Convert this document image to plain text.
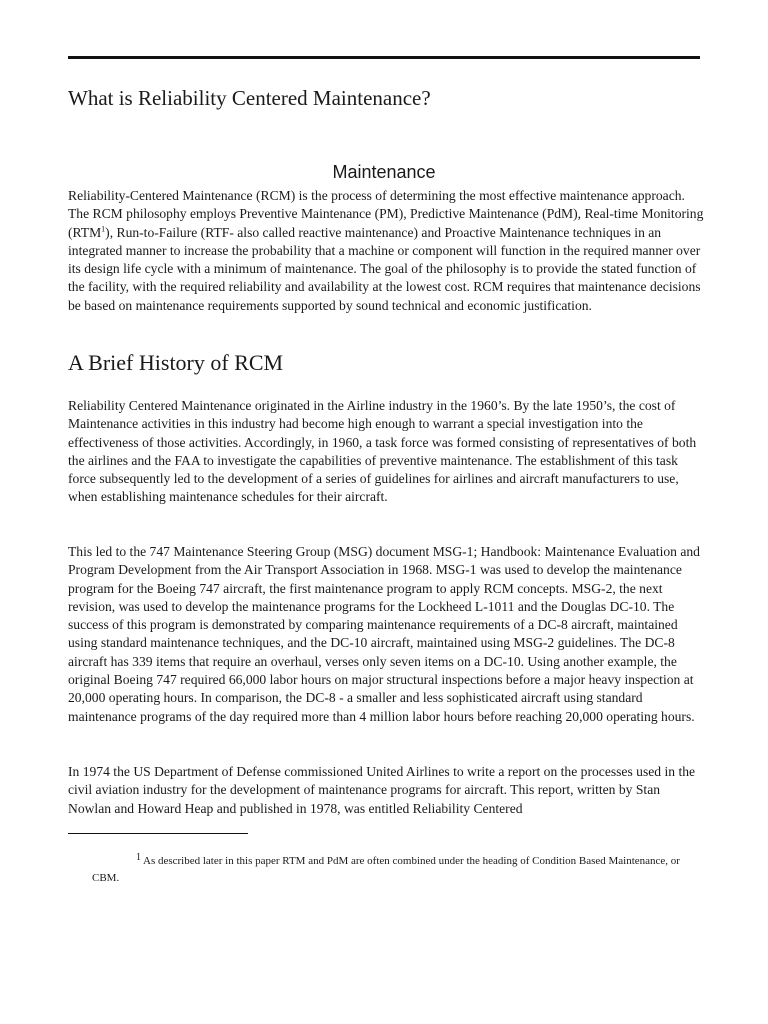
What is Reliability Centered Maintenance?
Maintenance
Reliability-Centered Maintenance (RCM) is the process of determining the most effective maintenance approach. The RCM philosophy employs Preventive Maintenance (PM), Predictive Maintenance (PdM), Real-time Monitoring (RTM$^1$), Run-to-Failure (RTF- also called reactive maintenance) and Proactive Maintenance techniques in an integrated manner to increase the probability that a machine or component will function in the required manner over its design life cycle with a minimum of maintenance. The goal of the philosophy is to provide the stated function of the facility, with the required reliability and availability at the lowest cost. RCM requires that maintenance decisions be based on maintenance requirements supported by sound technical and economic justification.
A Brief History of RCM
Reliability Centered Maintenance originated in the Airline industry in the 1960’s. By the late 1950’s, the cost of Maintenance activities in this industry had become high enough to warrant a special investigation into the effectiveness of those activities. Accordingly, in 1960, a task force was formed consisting of representatives of both the airlines and the FAA to investigate the capabilities of preventive maintenance. The establishment of this task force subsequently led to the development of a series of guidelines for airlines and aircraft manufacturers to use, when establishing maintenance schedules for their aircraft.
This led to the 747 Maintenance Steering Group (MSG) document MSG-1; Handbook: Maintenance Evaluation and Program Development from the Air Transport Association in 1968. MSG-1 was used to develop the maintenance program for the Boeing 747 aircraft, the first maintenance program to apply RCM concepts. MSG-2, the next revision, was used to develop the maintenance programs for the Lockheed L-1011 and the Douglas DC-10. The success of this program is demonstrated by comparing maintenance requirements of a DC-8 aircraft, maintained using standard maintenance techniques, and the DC-10 aircraft, maintained using MSG-2 guidelines. The DC-8 aircraft has 339 items that require an overhaul, verses only seven items on a DC-10. Using another example, the original Boeing 747 required 66,000 labor hours on major structural inspections before a major heavy inspection at 20,000 operating hours. In comparison, the DC-8 - a smaller and less sophisticated aircraft using standard maintenance programs of the day required more than 4 million labor hours before reaching 20,000 operating hours.
In 1974 the US Department of Defense commissioned United Airlines to write a report on the processes used in the civil aviation industry for the development of maintenance programs for aircraft. This report, written by Stan Nowlan and Howard Heap and published in 1978, was entitled Reliability Centered
1 As described later in this paper RTM and PdM are often combined under the heading of Condition Based Maintenance, or CBM.
